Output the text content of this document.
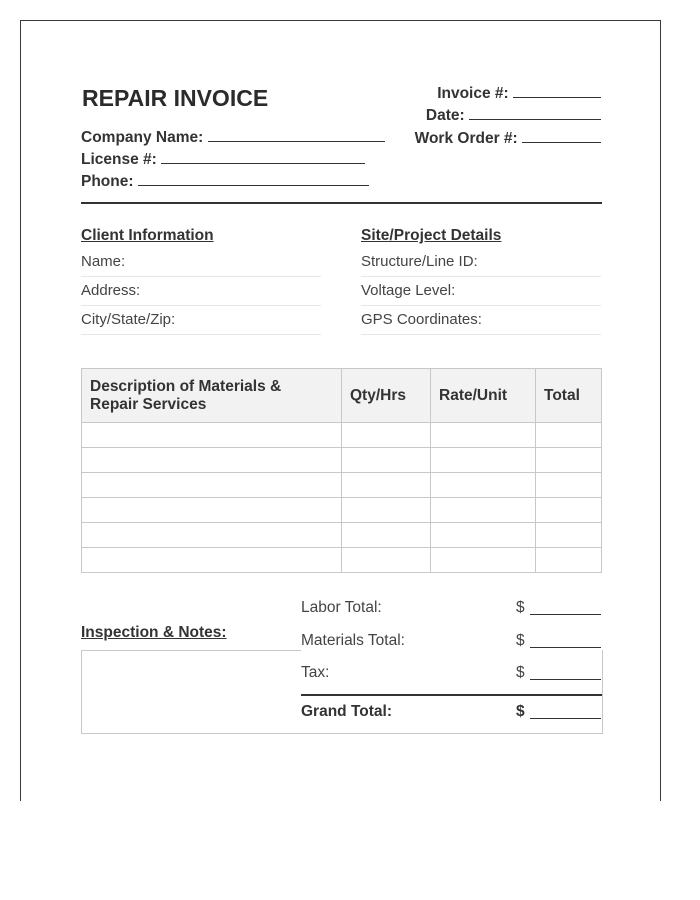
REPAIR INVOICE	Invoice #:
Date:
Work Order #:
Company Name:
License #:
Phone:
Client Information
Name:
Address:
City/State/Zip:
Site/Project Details
Structure/Line ID:
Voltage Level:
GPS Coordinates:
Description of Materials & Repair Services	Qty/Hrs	Rate/Unit	Total

Inspection & Notes:
Labor Total:	$
Materials Total:	$
Tax:	$
Grand Total:	$
